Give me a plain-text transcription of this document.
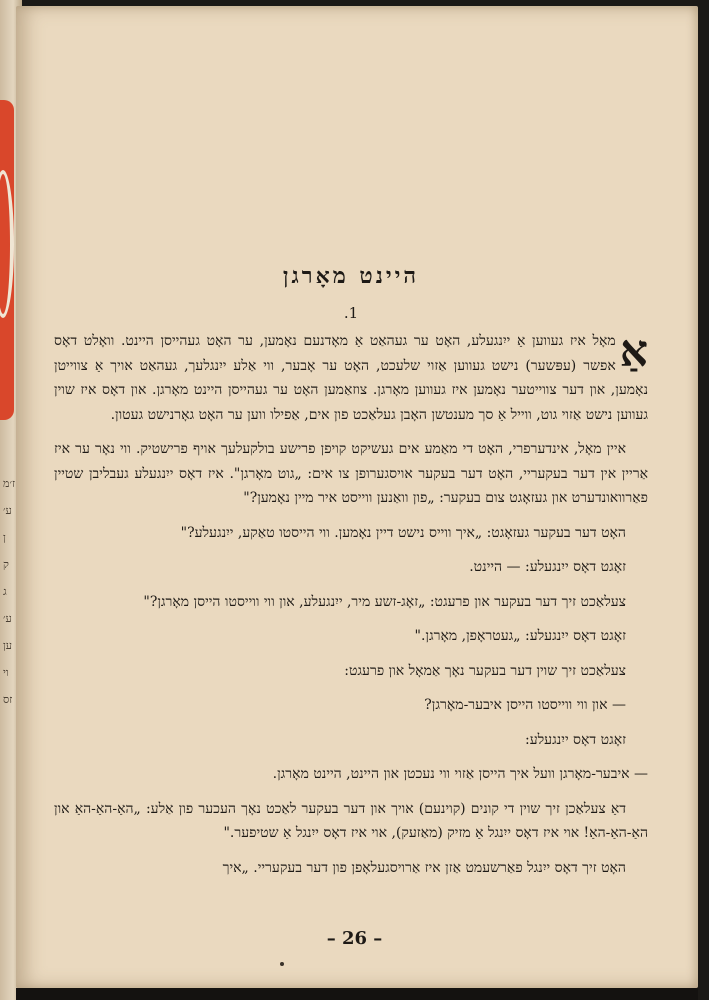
ז׳מ
ע׳
ן
ק
ג
ע׳
ען
וי
זס
היינט מאָרגן
1.

אַ
מאָל איז געווען אַ ייִנגעלע, האָט ער געהאַט אַ מאָדנעם נאָמען, ער האָט געהייסן היינט. וואָלט דאָס אפשר (עפּשער) נישט געווען אַזוי שלעכט, האָט ער אָבער, ווי אַלע ייִנגלעך, געהאַט אויך אַ צווייטן נאָמען, און דער צווייטער נאָמען איז געווען מאָרגן. צוזאַמען האָט ער געהייסן היינט מאָרגן. און דאָס איז שוין געווען נישט אַזוי גוט, ווייל אַ סך מענטשן האָבן געלאַכט פון אים, אַפילו ווען ער האָט גאָרנישט געטון.

איין מאָל, אינדערפרי, האָט די מאַמע אים געשיקט קויפן פרישע בולקעלעך אויף פרישטיק. ווי נאָר ער איז אַריין אין דער בעקעריי, האָט דער בעקער אויסגערופן צו אים: „גוט מאָרגן". איז דאָס ייִנגעלע געבליבן שטיין פאַרוואונדערט און געזאָגט צום בעקער: „פון וואַנען ווייסט איר מיין נאָמען?"

האָט דער בעקער געזאָגט: „איך ווייס נישט דיין נאָמען. ווי הייסטו טאַקע, ייִנגעלע?"

זאָגט דאָס ייִנגעלע: — היינט.

צעלאַכט זיך דער בעקער און פרעגט: „זאָג-זשע מיר, ייִנגעלע, און ווי ווייסטו הייסן מאָרגן?"

זאָגט דאָס ייִנגעלע: „געטראָפן, מאָרגן."

צעלאַכט זיך שוין דער בעקער נאָך אַמאָל און פרעגט:

— און ווי ווייסטו הייסן איבער-מאָרגן?

זאָגט דאָס ייִנגעלע:

— איבער-מאָרגן וועל איך הייסן אַזוי ווי נעכטן און היינט, היינט מאָרגן.

דאַ צעלאַכן זיך שוין די קונים (קוינעם) אויך און דער בעקער לאַכט נאָך העכער פון אַלע: „האַ-האַ-האַ און האַ-האַ-האַ! אוי איז דאָס ייִנגל אַ מזיק (מאַזעק), אוי איז דאָס ייִנגל אַ שטיפער."

האָט זיך דאָס ייִנגל פאַרשעמט אַזן איז אַרויסגעלאָפן פון דער בעקעריי. „איך

– 26 –
